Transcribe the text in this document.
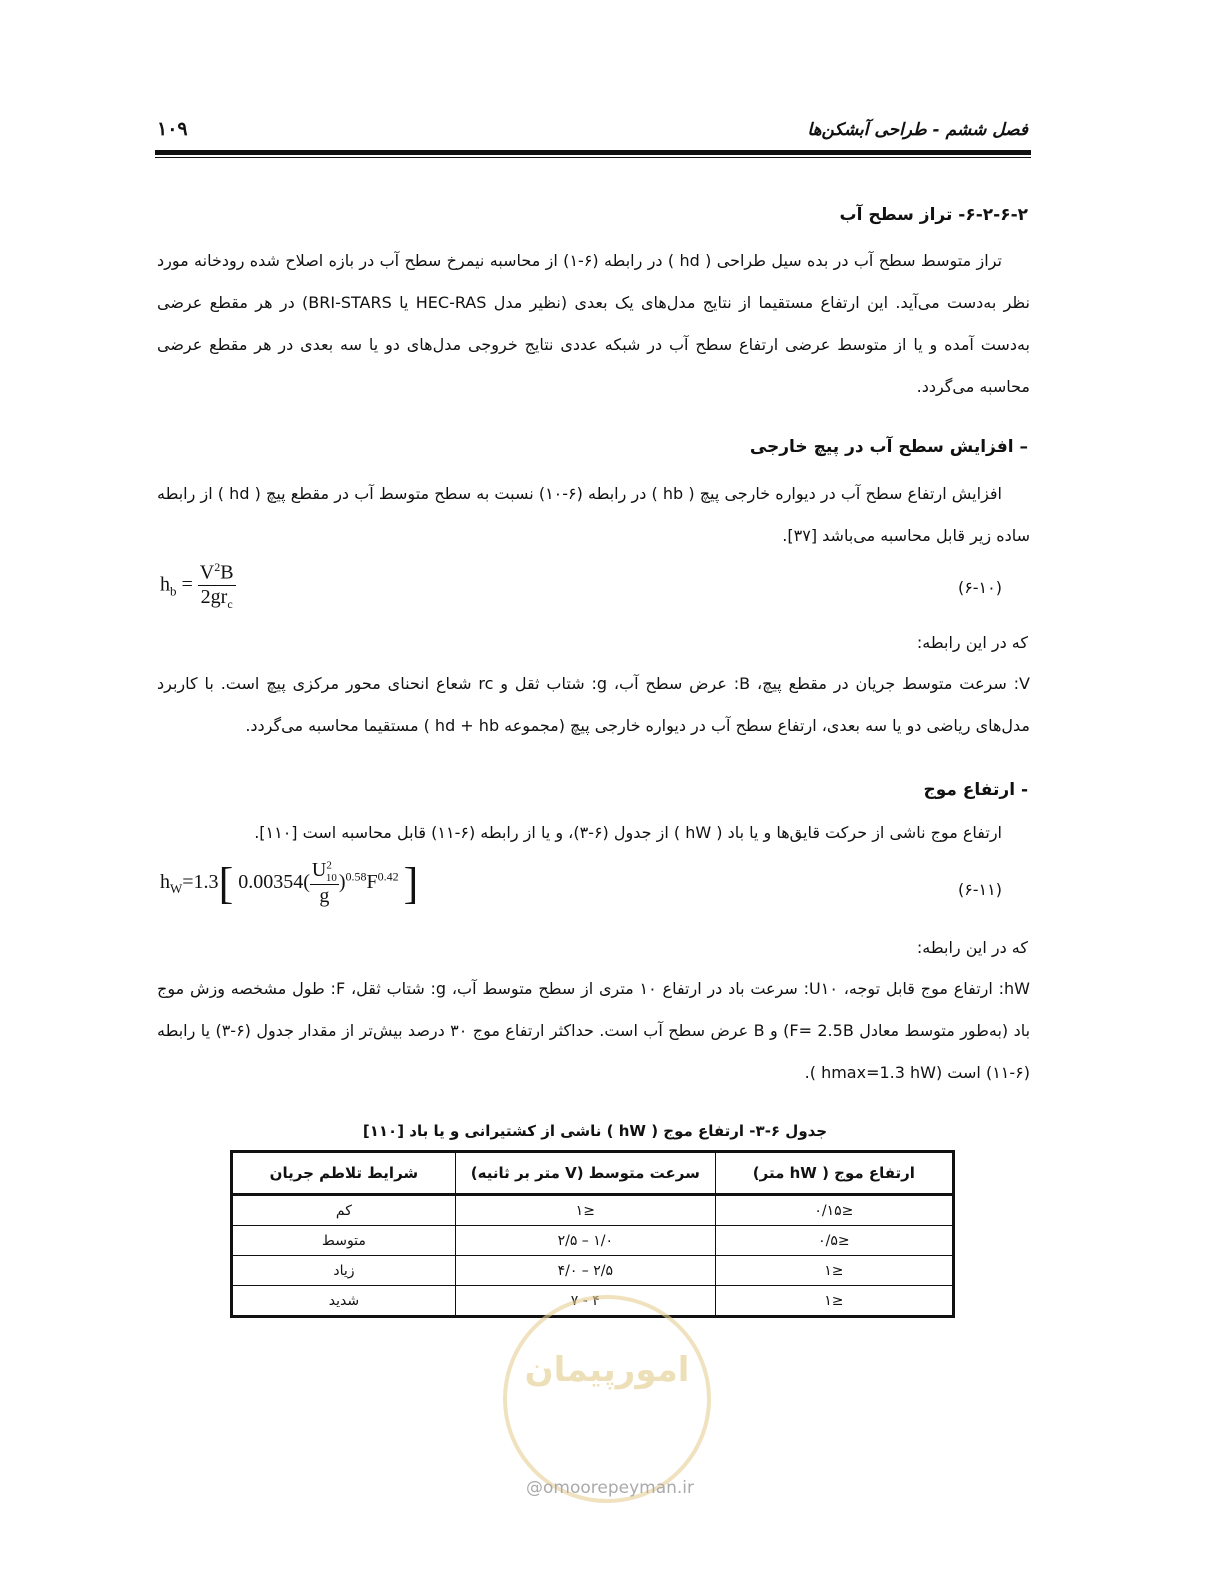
۱۰۹	فصل ششم - طراحی آبشکن‌ها
۶-۲-۶-۲- تراز سطح آب

تراز متوسط سطح آب در بده سیل طراحی ( hd ) در رابطه (۶-۱) از محاسبه نیمرخ سطح آب در بازه اصلاح شده رودخانه مورد نظر به‌دست می‌آید. این ارتفاع مستقیما از نتایج مدل‌های یک بعدی (نظیر مدل HEC-RAS یا BRI-STARS) در هر مقطع عرضی به‌دست آمده و یا از متوسط عرضی ارتفاع سطح آب در شبکه عددی نتایج خروجی مدل‌های دو یا سه بعدی در هر مقطع عرضی محاسبه می‌گردد.

– افزایش سطح آب در پیچ خارجی

افزایش ارتفاع سطح آب در دیواره خارجی پیچ ( hb ) در رابطه (۶-۱۰) نسبت به سطح متوسط آب در مقطع پیچ ( hd ) از رابطه ساده زیر قابل محاسبه می‌باشد [۳۷].

$h_b = \frac{V^2B}{2gr_c}$	(۶-۱۰)
که در این رابطه:

V: سرعت متوسط جریان در مقطع پیچ، B: عرض سطح آب، g: شتاب ثقل و rc شعاع انحنای محور مرکزی پیچ است. با کاربرد مدل‌های ریاضی دو یا سه بعدی، ارتفاع سطح آب در دیواره خارجی پیچ (مجموعه hd + hb ) مستقیما محاسبه می‌گردد.

- ارتفاع موج

ارتفاع موج ناشی از حرکت قایق‌ها و یا باد ( hW ) از جدول (۶-۳)، و یا از رابطه (۶-۱۱) قابل محاسبه است [۱۱۰].

$h_W=1.3$[ $0.00354( \frac{U^2_{10}}{g} )^{0.58}F^{0.42}$ ]	(۶-۱۱)
که در این رابطه:

hW: ارتفاع موج قابل توجه، U۱۰: سرعت باد در ارتفاع ۱۰ متری از سطح متوسط آب، g: شتاب ثقل، F: طول مشخصه وزش موج باد (به‌طور متوسط معادل F= 2.5B) و B عرض سطح آب است. حداکثر ارتفاع موج ۳۰ درصد بیش‌تر از مقدار جدول (۶-۳) یا رابطه (۶-۱۱) است (hmax=1.3 hW ).

جدول ۶-۳- ارتفاع موج ( hW ) ناشی از کشتیرانی و یا باد [۱۱۰]
ارتفاع موج ( hW متر)	سرعت متوسط (V متر بر ثانیه)	شرایط تلاطم جریان
≤۰/۱۵	≤۱	کم
≤۰/۵	۱/۰ – ۲/۵	متوسط
≤۱	۲/۵ – ۴/۰	زیاد
≤۱	۴ - ۷	شدید
امورپیمان
@omoorepeyman.ir
